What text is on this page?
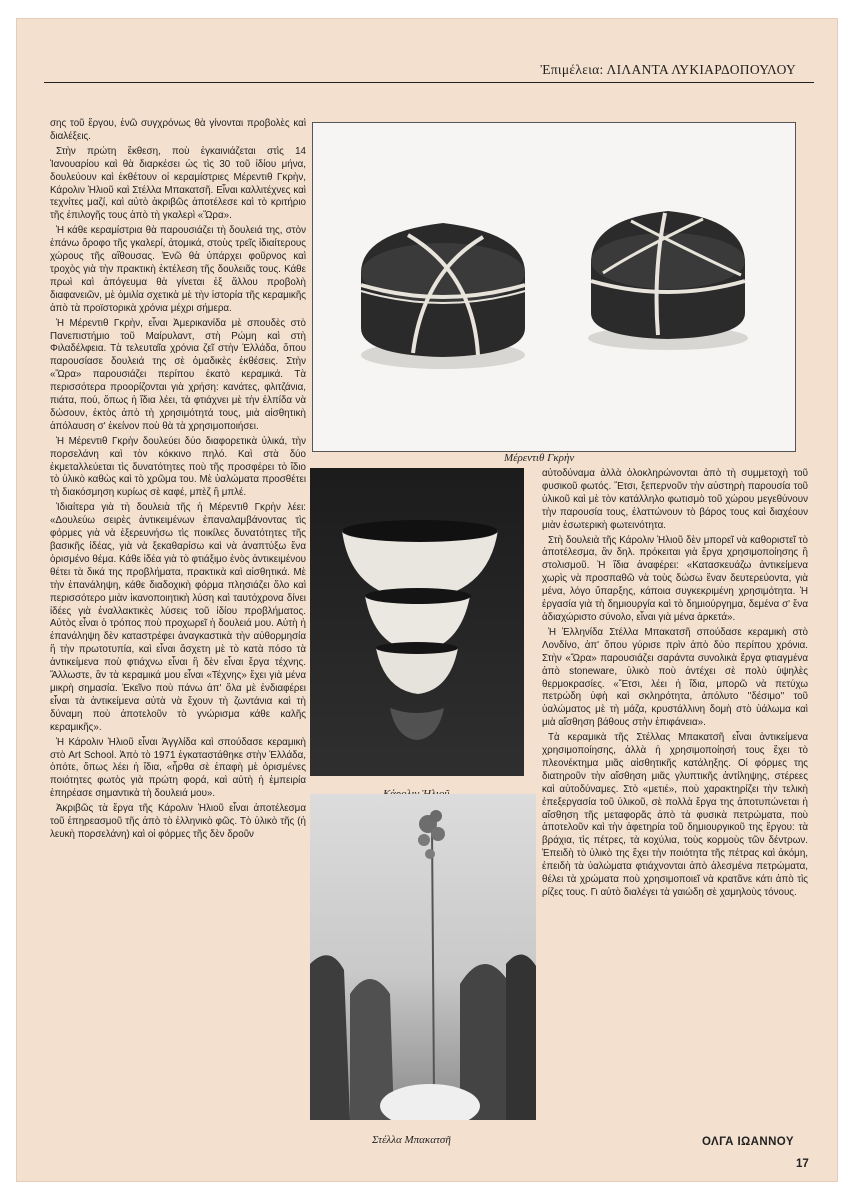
Ἐπιμέλεια: ΛΙΛΑΝΤΑ ΛΥΚΙΑΡΔΟΠΟΥΛΟΥ

σης τοῦ ἔργου, ἐνῶ συγχρόνως θὰ γίνονται προβολὲς καὶ διαλέξεις.

Στὴν πρώτη ἔκθεση, ποὺ ἐγκαινιάζεται στὶς 14 Ἰανουαρίου καὶ θὰ διαρκέσει ὡς τὶς 30 τοῦ ἰδίου μήνα, δουλεύουν καὶ ἐκθέτουν οἱ κεραμίστριες Μέρεντιθ Γκρὴν, Κάρολιν Ἡλιοῦ καὶ Στέλλα Μπακατσῆ. Εἶναι καλλιτέχνες καὶ τεχνίτες μαζί, καὶ αὐτὸ ἀκριβῶς ἀποτέλεσε καὶ τὸ κριτήριο τῆς ἐπιλογῆς τους ἀπὸ τὴ γκαλερὶ «Ὥρα».

Ἡ κάθε κεραμίστρια θὰ παρουσιάζει τὴ δουλειά της, στὸν ἐπάνω ὄροφο τῆς γκαλερί, ἀτομικά, στοὺς τρεῖς ἰδιαίτερους χώρους τῆς αἴθουσας. Ἐνῶ θὰ ὑπάρχει φοῦρνος καὶ τροχὸς γιὰ τὴν πρακτικὴ ἐκτέλεση τῆς δουλειᾶς τους. Κάθε πρωὶ καὶ ἀπόγευμα θὰ γίνεται ἐξ ἄλλου προβολὴ διαφανειῶν, μὲ ὁμιλία σχετικὰ μὲ τὴν ἱστορία τῆς κεραμικῆς ἀπὸ τὰ προϊστορικὰ χρόνια μέχρι σήμερα.

Ἡ Μέρεντιθ Γκρὴν, εἶναι Ἀμερικανίδα μὲ σπουδὲς στὸ Πανεπιστήμιο τοῦ Μαίρυλαντ, στὴ Ρώμη καὶ στὴ Φιλαδέλφεια. Τὰ τελευταῖα χρόνια ζεῖ στὴν Ἑλλάδα, ὅπου παρουσίασε δουλειά της σὲ ὁμαδικὲς ἐκθέσεις. Στὴν «Ὥρα» παρουσιάζει περίπου ἑκατὸ κεραμικά. Τὰ περισσότερα προορίζονται γιὰ χρήση: κανάτες, φλιτζάνια, πιάτα, πού, ὅπως ἡ ἴδια λέει, τὰ φτιάχνει μὲ τὴν ἐλπίδα νὰ δώσουν, ἐκτὸς ἀπὸ τὴ χρησιμότητά τους, μιὰ αἰσθητικὴ ἀπόλαυση σ' ἐκείνον ποὺ θὰ τὰ χρησιμοποιήσει.

Ἡ Μέρεντιθ Γκρὴν δουλεύει δύο διαφορετικὰ ὑλικά, τὴν πορσελάνη καὶ τὸν κόκκινο πηλό. Καὶ στὰ δύο ἐκμεταλλεύεται τὶς δυνατότητες ποὺ τῆς προσφέρει τὸ ἴδιο τὸ ὑλικὸ καθὼς καὶ τὸ χρῶμα του. Μὲ ὑαλώματα προσθέτει τὴ διακόσμηση κυρίως σὲ καφέ, μπὲζ ἢ μπλέ.

Ἰδιαίτερα γιὰ τὴ δουλειὰ τῆς ἡ Μέρεντιθ Γκρὴν λέει: «Δουλεύω σειρὲς ἀντικειμένων ἐπαναλαμβάνοντας τὶς φόρμες γιὰ νὰ ἐξερευνήσω τὶς ποικίλες δυνατότητες τῆς βασικῆς ἰδέας, γιὰ νὰ ξεκαθαρίσω καὶ νὰ ἀναπτύξω ἕνα ὁρισμένο θέμα. Κάθε ἰδέα γιὰ τὸ φτιάξιμο ἑνὸς ἀντικειμένου θέτει τὰ δικά της προβλήματα, πρακτικὰ καὶ αἰσθητικά. Μὲ τὴν ἐπανάληψη, κάθε διαδοχικὴ φόρμα πλησιάζει ὅλο καὶ περισσότερο μιὰν ἱκανοποιητικὴ λύση καὶ ταυτόχρονα δίνει ἰδέες γιὰ ἐναλλακτικὲς λύσεις τοῦ ἰδίου προβλήματος. Αὐτὸς εἶναι ὁ τρόπος ποὺ προχωρεῖ ἡ δουλειά μου. Αὐτὴ ἡ ἐπανάληψη δὲν καταστρέφει ἀναγκαστικὰ τὴν αὐθορμησία ἢ τὴν πρωτοτυπία, καὶ εἶναι ἄσχετη μὲ τὸ κατὰ πόσο τὰ ἀντικείμενα ποὺ φτιάχνω εἶναι ἢ δὲν εἶναι ἔργα τέχνης. Ἄλλωστε, ἂν τὰ κεραμικά μου εἶναι «Τέχνης» ἔχει γιὰ μένα μικρὴ σημασία. Ἐκεῖνο ποὺ πάνω ἀπ' ὅλα μὲ ἐνδιαφέρει εἶναι τὰ ἀντικείμενα αὐτὰ νὰ ἔχουν τὴ ζωντάνια καὶ τὴ δύναμη ποὺ ἀποτελοῦν τὸ γνώρισμα κάθε καλῆς κεραμικῆς».

Ἡ Κάρολιν Ἡλιοῦ εἶναι Ἀγγλίδα καὶ σπούδασε κεραμικὴ στὸ Art School. Ἀπὸ τὸ 1971 ἐγκαταστάθηκε στὴν Ἑλλάδα, ὁπότε, ὅπως λέει ἡ ἴδια, «ἦρθα σὲ ἐπαφὴ μὲ ὁρισμένες ποιότητες φωτὸς γιὰ πρώτη φορά, καὶ αὐτὴ ἡ ἐμπειρία ἐπηρέασε σημαντικὰ τὴ δουλειά μου».

Ἀκριβῶς τὰ ἔργα τῆς Κάρολιν Ἡλιοῦ εἶναι ἀποτέλεσμα τοῦ ἐπηρεασμοῦ τῆς ἀπὸ τὸ ἑλληνικὸ φῶς. Τὸ ὑλικὸ τῆς (ἡ λευκὴ πορσελάνη) καὶ οἱ φόρμες τῆς δὲν δροῦν

Μέρεντιθ Γκρὴν
Στέλλα Μπακατσῆ

αὐτοδύναμα ἀλλὰ ὁλοκληρώνονται ἀπὸ τὴ συμμετοχὴ τοῦ φυσικοῦ φωτός. Ἔτσι, ξεπερνοῦν τὴν αὐστηρὴ παρουσία τοῦ ὑλικοῦ καὶ μὲ τὸν κατάλληλο φωτισμὸ τοῦ χώρου μεγεθύνουν τὴν παρουσία τους, ἐλαττώνουν τὸ βάρος τους καὶ διαχέουν μιὰν ἐσωτερικὴ φωτεινότητα.

Στὴ δουλειὰ τῆς Κάρολιν Ἡλιοῦ δὲν μπορεῖ νὰ καθοριστεῖ τὸ ἀποτέλεσμα, ἂν δηλ. πρόκειται γιὰ ἔργα χρησιμοποίησης ἢ στολισμοῦ. Ἡ ἴδια ἀναφέρει: «Κατασκευάζω ἀντικείμενα χωρὶς νὰ προσπαθῶ νὰ τοὺς δώσω ἕναν δευτερεύοντα, γιὰ μένα, λόγο ὕπαρξης, κάποια συγκεκριμένη χρησιμότητα. Ἡ ἐργασία γιὰ τὴ δημιουργία καὶ τὸ δημιούργημα, δεμένα σ' ἕνα ἀδιαχώριστο σύνολο, εἶναι γιὰ μένα ἀρκετά».

Ἡ Ἑλληνίδα Στέλλα Μπακατσῆ σπούδασε κεραμικὴ στὸ Λονδίνο, ἀπ' ὅπου γύρισε πρὶν ἀπὸ δύο περίπου χρόνια. Στὴν «Ὥρα» παρουσιάζει σαράντα συνολικὰ ἔργα φτιαγμένα ἀπὸ stoneware, ὑλικὸ ποὺ ἀντέχει σὲ πολὺ ὑψηλὲς θερμοκρασίες. «Ἔτσι, λέει ἡ ἴδια, μπορῶ νὰ πετύχω πετρώδη ὑφὴ καὶ σκληρότητα, ἀπόλυτο ''δέσιμο'' τοῦ ὑαλώματος μὲ τὴ μάζα, κρυστάλλινη δομὴ στὸ ὑάλωμα καὶ μιὰ αἴσθηση βάθους στὴν ἐπιφάνεια».

Τὰ κεραμικὰ τῆς Στέλλας Μπακατσῆ εἶναι ἀντικείμενα χρησιμοποίησης, ἀλλὰ ἡ χρησιμοποίησή τους ἔχει τὸ πλεονέκτημα μιᾶς αἰσθητικῆς κατάληξης. Οἱ φόρμες της διατηροῦν τὴν αἴσθηση μιᾶς γλυπτικῆς ἀντίληψης, στέρεες καὶ αὐτοδύναμες. Στὸ «μετιέ», ποὺ χαρακτηρίζει τὴν τελικὴ ἐπεξεργασία τοῦ ὑλικοῦ, σὲ πολλὰ ἔργα της ἀποτυπώνεται ἡ αἴσθηση τῆς μεταφορᾶς ἀπὸ τὰ φυσικὰ πετρώματα, ποὺ ἀποτελοῦν καὶ τὴν ἀφετηρία τοῦ δημιουργικοῦ της ἔργου: τὰ βράχια, τὶς πέτρες, τὰ κοχύλια, τοὺς κορμοὺς τῶν δέντρων. Ἐπειδὴ τὸ ὑλικὸ της ἔχει τὴν ποιότητα τῆς πέτρας καὶ ἀκόμη, ἐπειδὴ τὰ ὑαλώματα φτιάχνονται ἀπὸ ἀλεσμένα πετρώματα, θέλει τὰ χρώματα ποὺ χρησιμοποιεῖ νὰ κρατᾶνε κάτι ἀπὸ τὶς ρίζες τους. Γι αὐτὸ διαλέγει τὰ γαιώδη σὲ χαμηλοὺς τόνους.

ΟΛΓΑ ΙΩΑΝΝΟΥ
17
